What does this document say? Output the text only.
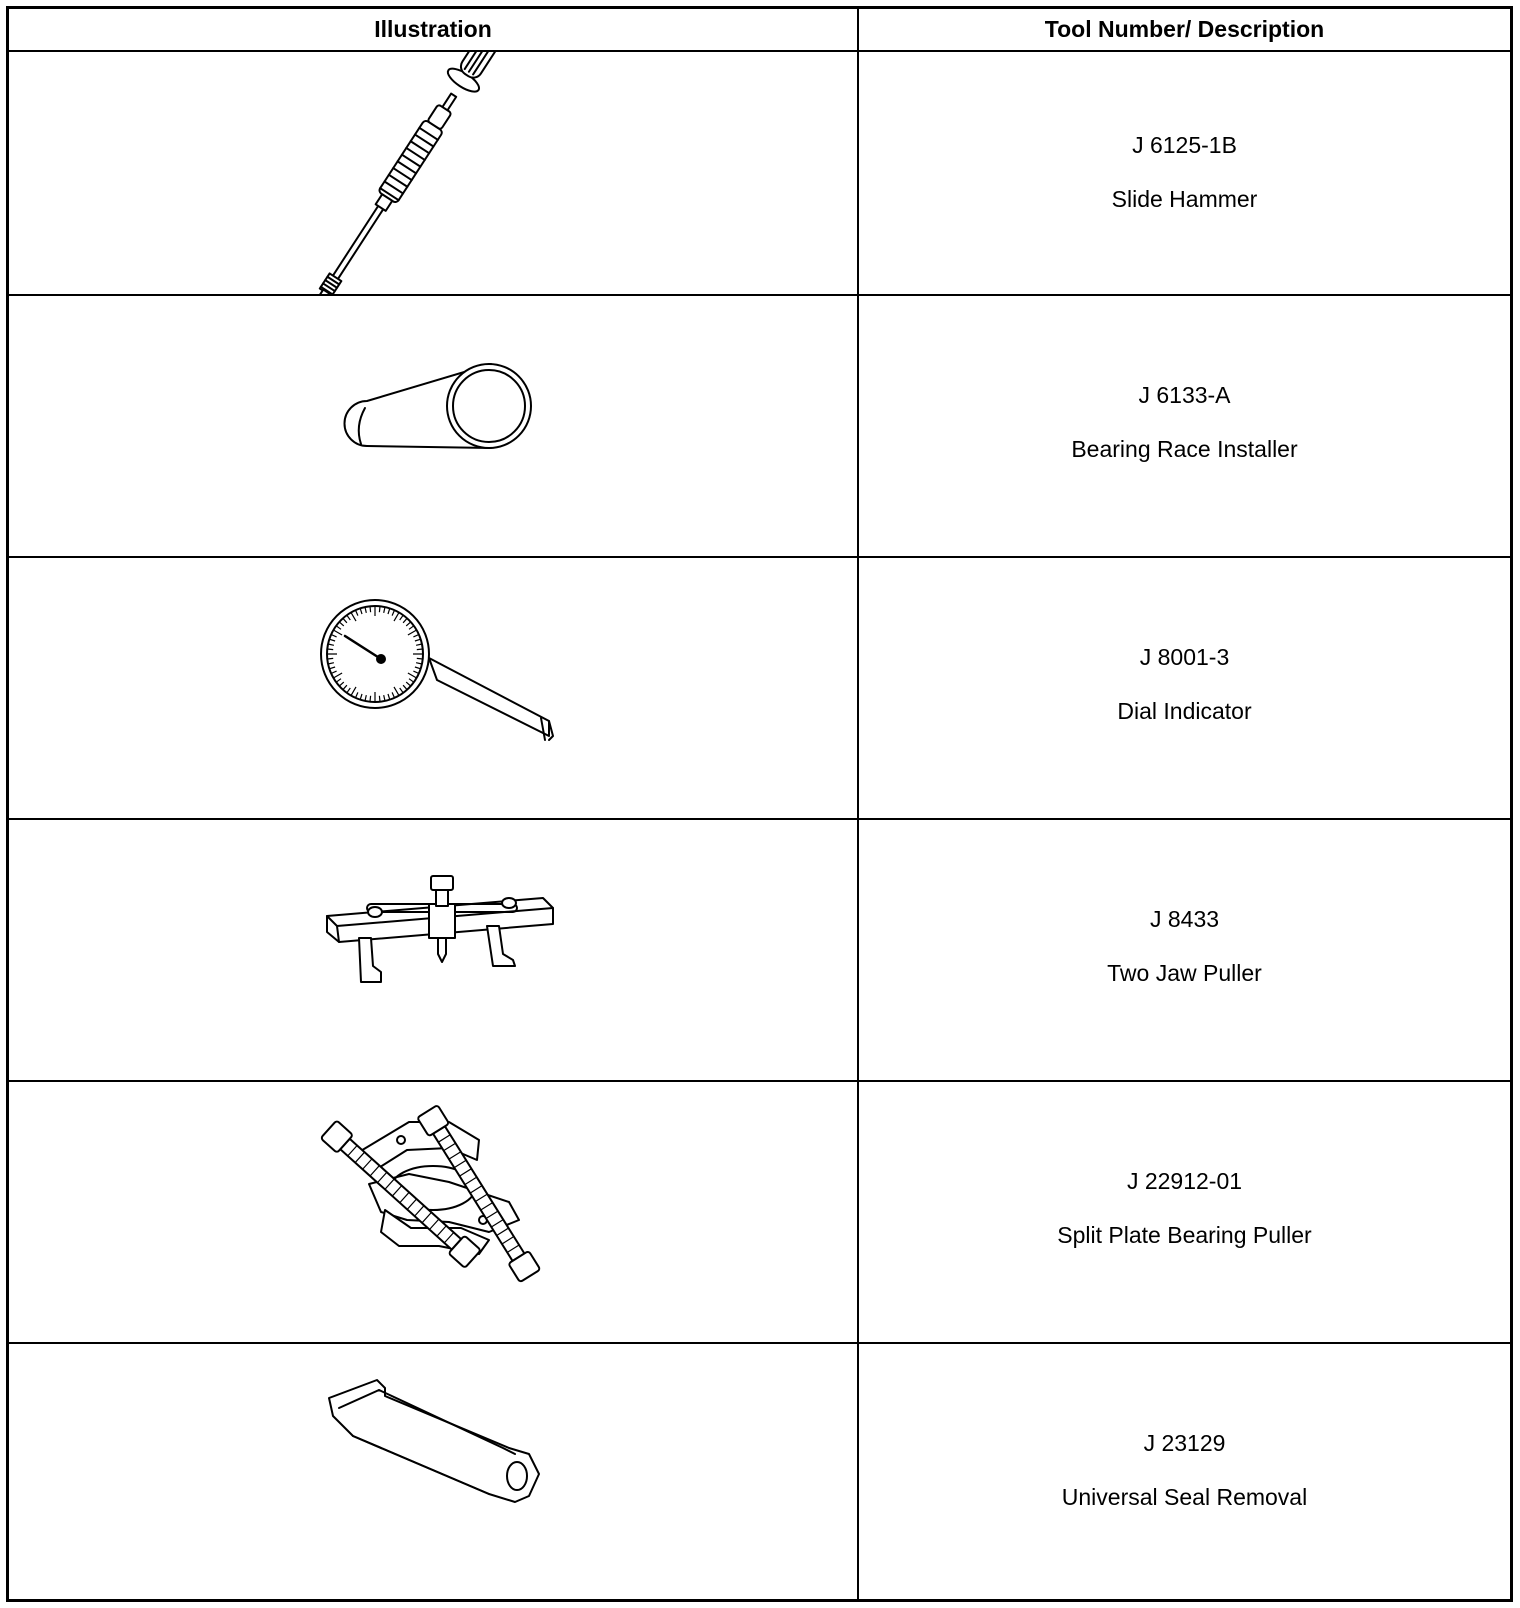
Illustration	Tool Number/ Description
J 6125-1B
Slide Hammer
J 6133-A
Bearing Race Installer
J 8001-3
Dial Indicator
J 8433
Two Jaw Puller
J 22912-01
Split Plate Bearing Puller
J 23129
Universal Seal Removal
